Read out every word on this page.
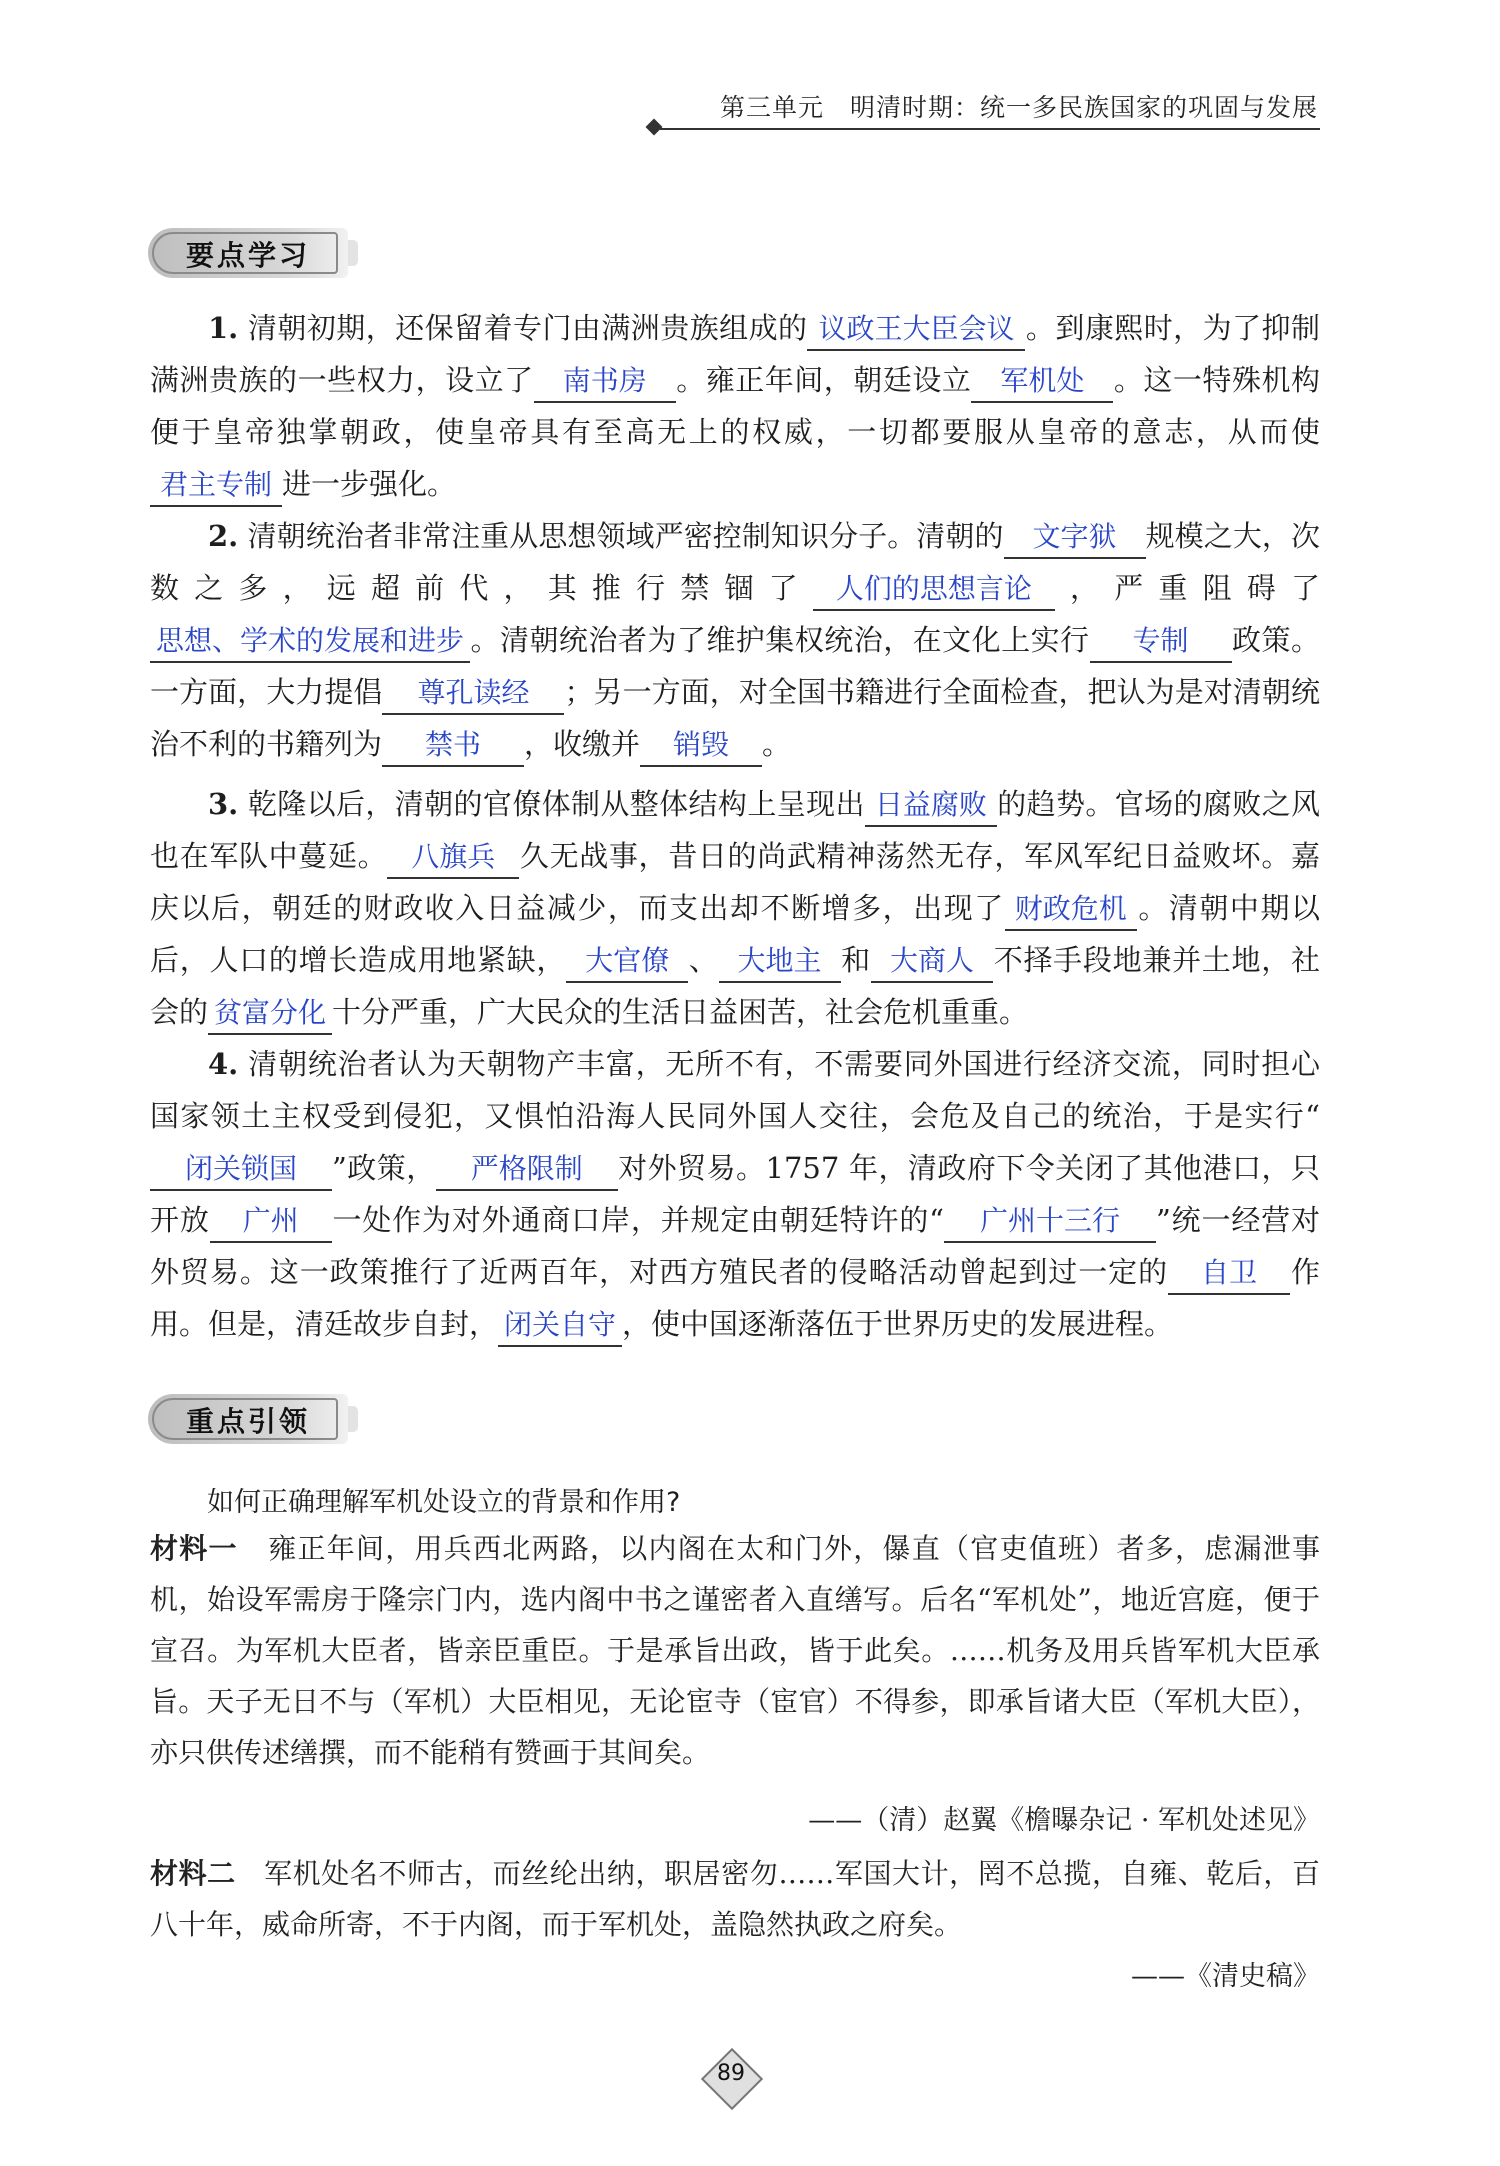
第三单元　明清时期：统一多民族国家的巩固与发展
要点学习
1. 清朝初期，还保留着专门由满洲贵族组成的 议政王大臣会议 。到康熙时，为了抑制满洲贵族的一些权力，设立了 南书房 。雍正年间，朝廷设立 军机处 。这一特殊机构便于皇帝独掌朝政，使皇帝具有至高无上的权威，一切都要服从皇帝的意志，从而使君主专制 进一步强化。
2. 清朝统治者非常注重从思想领域严密控制知识分子。清朝的 文字狱 规模之大，次数之多，远超前代，其推行禁锢了 人们的思想言论 ，严重阻碍了思想、学术的发展和进步 。清朝统治者为了维护集权统治，在文化上实行 专制 政策。一方面，大力提倡 尊孔读经 ；另一方面，对全国书籍进行全面检查，把认为是对清朝统治不利的书籍列为 禁书 ，收缴并 销毁 。
3. 乾隆以后，清朝的官僚体制从整体结构上呈现出 日益腐败 的趋势。官场的腐败之风也在军队中蔓延。 八旗兵 久无战事，昔日的尚武精神荡然无存，军风军纪日益败坏。嘉庆以后，朝廷的财政收入日益减少，而支出却不断增多，出现了 财政危机 。清朝中期以后，人口的增长造成用地紧缺， 大官僚 、 大地主 和 大商人 不择手段地兼并土地，社会的 贫富分化 十分严重，广大民众的生活日益困苦，社会危机重重。
4. 清朝统治者认为天朝物产丰富，无所不有，不需要同外国进行经济交流，同时担心国家领土主权受到侵犯，又惧怕沿海人民同外国人交往，会危及自己的统治，于是实行“闭关锁国 ”政策， 严格限制 对外贸易。1757 年，清政府下令关闭了其他港口，只开放 广州 一处作为对外通商口岸，并规定由朝廷特许的“ 广州十三行 ”统一经营对外贸易。这一政策推行了近两百年，对西方殖民者的侵略活动曾起到过一定的 自卫 作用。但是，清廷故步自封， 闭关自守 ，使中国逐渐落伍于世界历史的发展进程。
重点引领
如何正确理解军机处设立的背景和作用?
材料一 雍正年间，用兵西北两路，以内阁在太和门外，儤直（官吏值班）者多，虑漏泄事机，始设军需房于隆宗门内，选内阁中书之谨密者入直缮写。后名“军机处”，地近宫庭，便于宣召。为军机大臣者，皆亲臣重臣。于是承旨出政，皆于此矣。……机务及用兵皆军机大臣承旨。天子无日不与（军机）大臣相见，无论宦寺（宦官）不得参，即承旨诸大臣（军机大臣），亦只供传述缮撰，而不能稍有赞画于其间矣。
——（清）赵翼《檐曝杂记 · 军机处述见》
材料二 军机处名不师古，而丝纶出纳，职居密勿……军国大计，罔不总揽，自雍、乾后，百八十年，威命所寄，不于内阁，而于军机处，盖隐然执政之府矣。
——《清史稿》
89
